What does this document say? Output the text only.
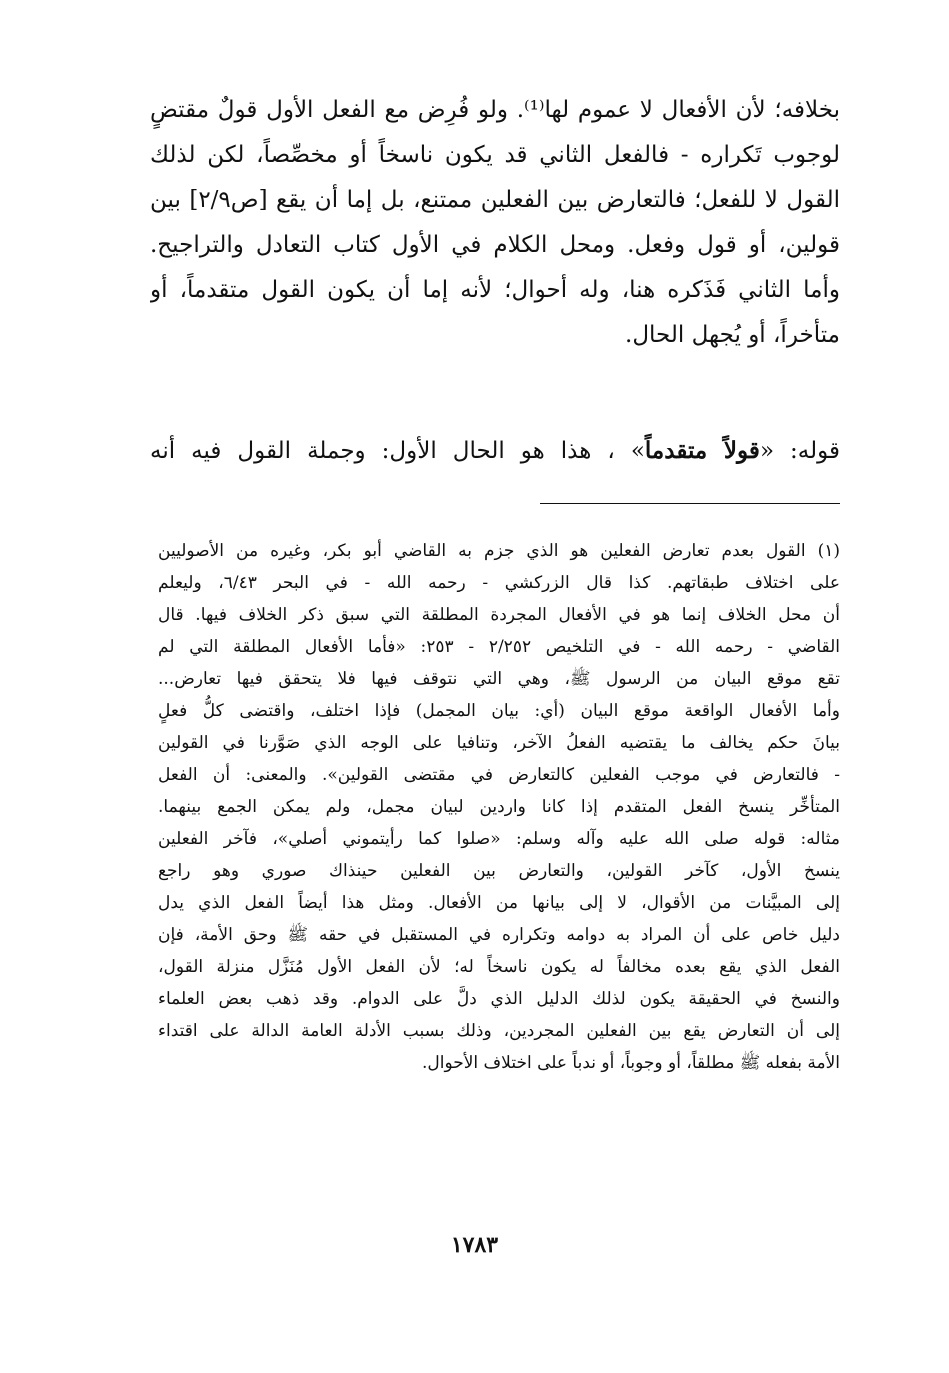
بخلافه؛ لأن الأفعال لا عموم لها⁽¹⁾. ولو فُرِض مع الفعل الأول قولٌ مقتضٍ
لوجوب تَكراره - فالفعل الثاني قد يكون ناسخاً أو مخصِّصاً، لكن لذلك
القول لا للفعل؛ فالتعارض بين الفعلين ممتنع، بل إما أن يقع [ص٢/٩] بين
قولين، أو قول وفعل. ومحل الكلام في الأول كتاب التعادل والتراجيح.
وأما الثاني فَذَكره هنا، وله أحوال؛ لأنه إما أن يكون القول متقدماً، أو
متأخراً، أو يُجهل الحال.
قوله: «قولاً متقدماً» ، هذا هو الحال الأول: وجملة القول فيه أنه
(١) القول بعدم تعارض الفعلين هو الذي جزم به القاضي أبو بكر، وغيره من الأصوليين
على اختلاف طبقاتهم. كذا قال الزركشي - رحمه الله - في البحر ٦/٤٣، وليعلم
أن محل الخلاف إنما هو في الأفعال المجردة المطلقة التي سبق ذكر الخلاف فيها. قال
القاضي - رحمه الله - في التلخيص ٢/٢٥٢ - ٢٥٣: «فأما الأفعال المطلقة التي لم
تقع موقع البيان من الرسول ﷺ، وهي التي نتوقف فيها فلا يتحقق فيها تعارض...
وأما الأفعال الواقعة موقع البيان (أي: بيان المجمل) فإذا اختلف، واقتضى كلُّ فعلٍ
بيانَ حكم يخالف ما يقتضيه الفعلُ الآخر، وتنافيا على الوجه الذي صَوَّرنا في القولين
- فالتعارض في موجب الفعلين كالتعارض في مقتضى القولين». والمعنى: أن الفعل
المتأخِّر ينسخ الفعل المتقدم إذا كانا واردين لبيان مجمل، ولم يمكن الجمع بينهما.
مثاله: قوله صلى الله عليه وآله وسلم: «صلوا كما رأيتموني أصلي»، فآخر الفعلين
ينسخ الأول، كآخر القولين، والتعارض بين الفعلين حينذاك صوري وهو راجع
إلى المبيَّنات من الأقوال، لا إلى بيانها من الأفعال. ومثل هذا أيضاً الفعل الذي يدل
دليل خاص على أن المراد به دوامه وتكراره في المستقبل في حقه ﷺ وحق الأمة، فإن
الفعل الذي يقع بعده مخالفاً له يكون ناسخاً له؛ لأن الفعل الأول مُنَزَّل منزلة القول،
والنسخ في الحقيقة يكون لذلك الدليل الذي دلَّ على الدوام. وقد ذهب بعض العلماء
إلى أن التعارض يقع بين الفعلين المجردين، وذلك بسبب الأدلة العامة الدالة على اقتداء
الأمة بفعله ﷺ مطلقاً، أو وجوباً، أو ندباً على اختلاف الأحوال.
١٧٨٣
